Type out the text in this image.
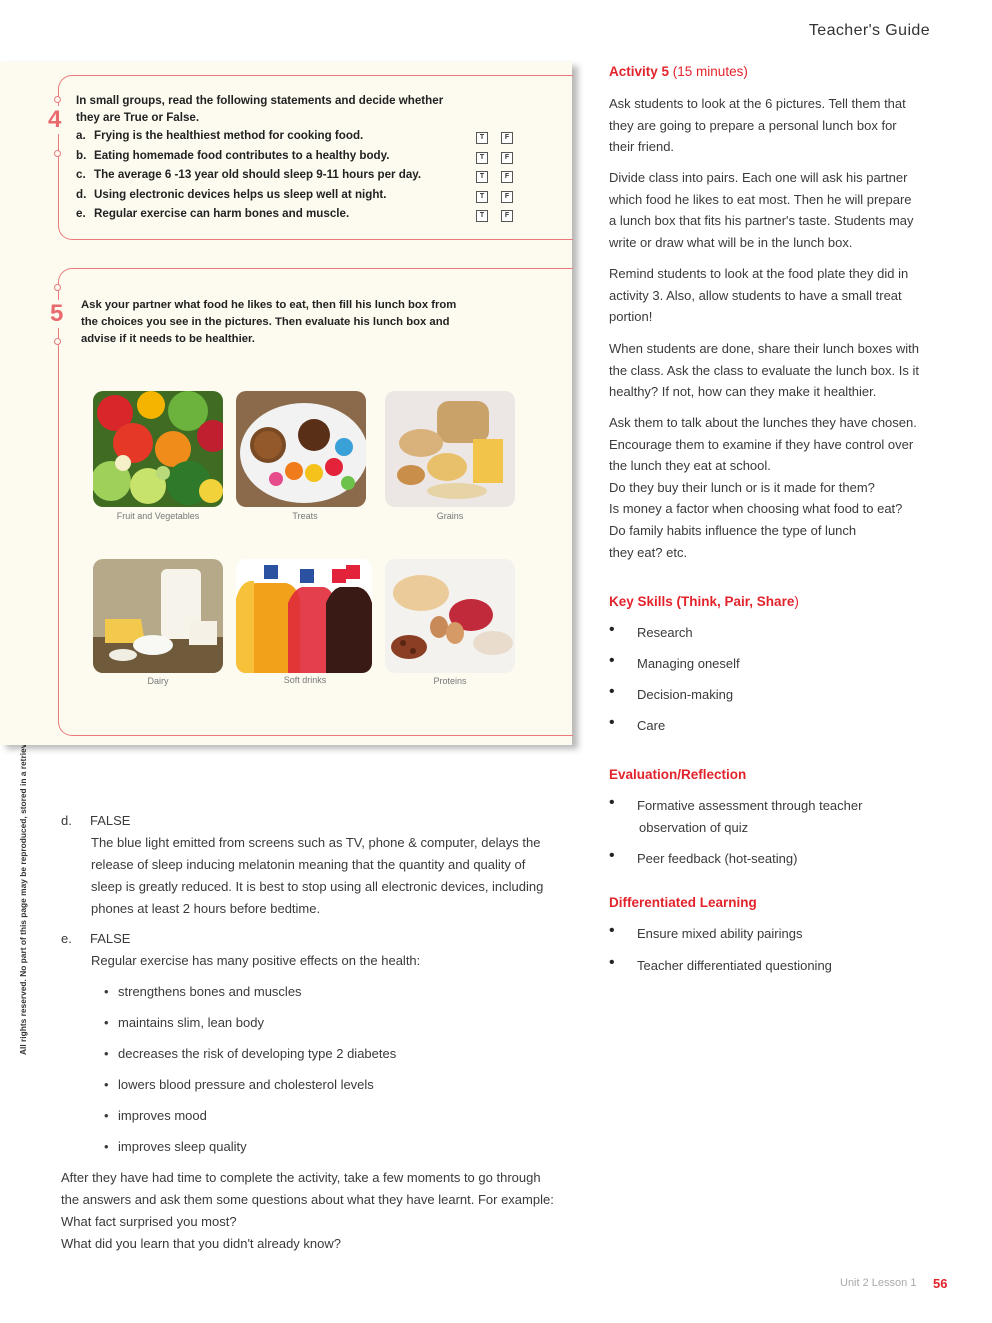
Teacher's Guide
4
In small groups, read the following statements and decide whether
they are True or False.
5 Ask your partner what food he likes to eat, then fill his lunch box from
the choices you see in the pictures. Then evaluate his lunch box and
advise if it needs to be healthier.
Fruit and Vegetables	Treats	Grains
Dairy	Soft drinks	Proteins
a. Frying is the healthiest method for cooking food.	T	F
b. Eating homemade food contributes to a healthy body.	T	F
c. The average 6 -13 year old should sleep 9-11 hours per day.	T	F
d. Using electronic devices helps us sleep well at night.	T	F
e. Regular exercise can harm bones and muscle.	T	F
d. FALSE
The blue light emitted from screens such as TV, phone & computer, delays the
release of sleep inducing melatonin meaning that the quantity and quality of
sleep is greatly reduced. It is best to stop using all electronic devices, including
phones at least 2 hours before bedtime.
e. FALSE
Regular exercise has many positive effects on the health:
• strengthens bones and muscles
• maintains slim, lean body
• decreases the risk of developing type 2 diabetes
• lowers blood pressure and cholesterol levels
• improves mood
• improves sleep quality
After they have had time to complete the activity, take a few moments to go through
the answers and ask them some questions about what they have learnt. For example:
What fact surprised you most?
What did you learn that you didn't already know?
Activity 5 (15 minutes)
Ask students to look at the 6 pictures. Tell them that
they are going to prepare a personal lunch box for
their friend.
Divide class into pairs. Each one will ask his partner
which food he likes to eat most. Then he will prepare
a lunch box that fits his partner's taste. Students may
write or draw what will be in the lunch box.
Remind students to look at the food plate they did in
activity 3. Also, allow students to have a small treat
portion!
When students are done, share their lunch boxes with
the class. Ask the class to evaluate the lunch box. Is it
healthy? If not, how can they make it healthier.
Ask them to talk about the lunches they have chosen.
Encourage them to examine if they have control over
the lunch they eat at school.
Do they buy their lunch or is it made for them?
Is money a factor when choosing what food to eat?
Do family habits influence the type of lunch
they eat? etc.
Key Skills (Think, Pair, Share)
• Research
• Managing oneself
• Decision-making
• Care
Evaluation/Reflection
• Formative assessment through teacher
observation of quiz
• Peer feedback (hot-seating)
Differentiated Learning
• Ensure mixed ability pairings
• Teacher differentiated questioning
Unit 2 Lesson 1 56
